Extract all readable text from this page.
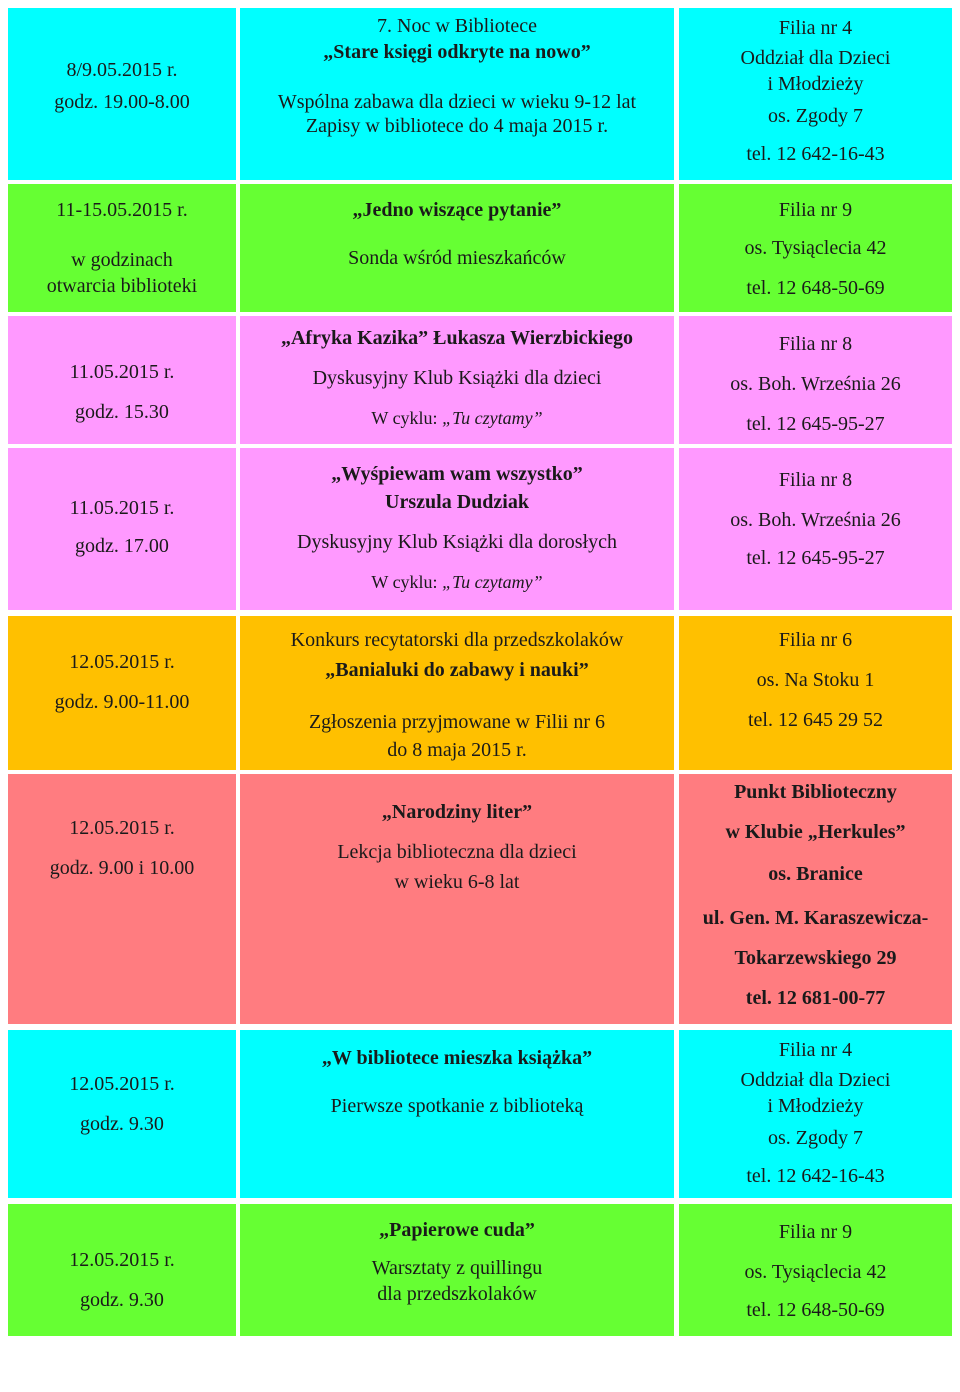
8/9.05.2015 r.
godz. 19.00-8.00
7. Noc w Bibliotece
„Stare księgi odkryte na nowo”
Wspólna zabawa dla dzieci w wieku 9-12 lat
Zapisy w bibliotece do 4 maja 2015 r.
Filia nr 4
Oddział dla Dzieci
i Młodzieży
os. Zgody 7
tel. 12 642-16-43
11-15.05.2015 r.
w godzinach
otwarcia biblioteki
„Jedno wiszące pytanie”
Sonda wśród mieszkańców
Filia nr 9
os. Tysiąclecia 42
tel. 12 648-50-69
11.05.2015 r.
godz. 15.30
„Afryka Kazika” Łukasza Wierzbickiego
Dyskusyjny Klub Książki dla dzieci
W cyklu: „Tu czytamy”
Filia nr 8
os. Boh. Września 26
tel. 12 645-95-27
11.05.2015 r.
godz. 17.00
„Wyśpiewam wam wszystko”
Urszula Dudziak
Dyskusyjny Klub Książki dla dorosłych
W cyklu: „Tu czytamy”
Filia nr 8
os. Boh. Września 26
tel. 12 645-95-27
12.05.2015 r.
godz. 9.00-11.00
Konkurs recytatorski dla przedszkolaków
„Banialuki do zabawy i nauki”
Zgłoszenia przyjmowane w Filii nr 6
do 8 maja 2015 r.
Filia nr 6
os. Na Stoku 1
tel. 12 645 29 52
12.05.2015 r.
godz. 9.00 i 10.00
„Narodziny liter”
Lekcja biblioteczna dla dzieci
w wieku 6-8 lat
Punkt Biblioteczny
w Klubie „Herkules”
os. Branice
ul. Gen. M. Karaszewicza-
Tokarzewskiego 29
tel. 12 681-00-77
12.05.2015 r.
godz. 9.30
„W bibliotece mieszka książka”
Pierwsze spotkanie z biblioteką
Filia nr 4
Oddział dla Dzieci
i Młodzieży
os. Zgody 7
tel. 12 642-16-43
12.05.2015 r.
godz. 9.30
„Papierowe cuda”
Warsztaty z quillingu
dla przedszkolaków
Filia nr 9
os. Tysiąclecia 42
tel. 12 648-50-69
